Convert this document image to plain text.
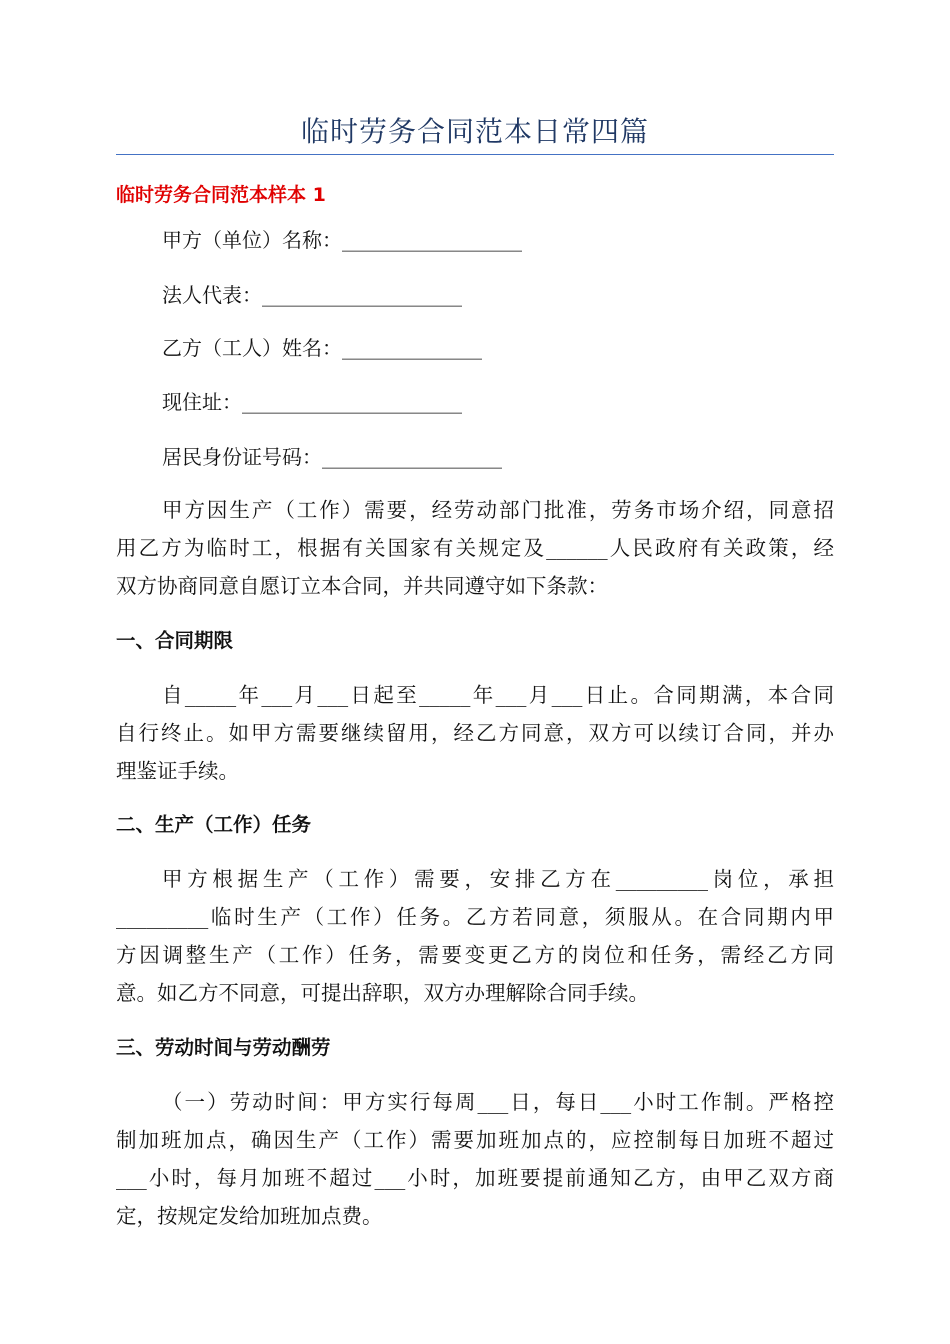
临时劳务合同范本日常四篇
临时劳务合同范本样本 1
甲方（单位）名称：__________________
法人代表：____________________
乙方（工人）姓名：______________
现住址：______________________
居民身份证号码：__________________
甲方因生产（工作）需要，经劳动部门批准，劳务市场介绍，同意招
用乙方为临时工，根据有关国家有关规定及______人民政府有关政策，经
双方协商同意自愿订立本合同，并共同遵守如下条款：
一、合同期限
自_____年___月___日起至_____年___月___日止。合同期满，本合同
自行终止。如甲方需要继续留用，经乙方同意，双方可以续订合同，并办
理鉴证手续。
二、生产（工作）任务
甲方根据生产（工作）需要，安排乙方在_________岗位，承担
_________临时生产（工作）任务。乙方若同意，须服从。在合同期内甲
方因调整生产（工作）任务，需要变更乙方的岗位和任务，需经乙方同
意。如乙方不同意，可提出辞职，双方办理解除合同手续。
三、劳动时间与劳动酬劳
（一）劳动时间：甲方实行每周___日，每日___小时工作制。严格控
制加班加点，确因生产（工作）需要加班加点的，应控制每日加班不超过
___小时，每月加班不超过___小时，加班要提前通知乙方，由甲乙双方商
定，按规定发给加班加点费。
